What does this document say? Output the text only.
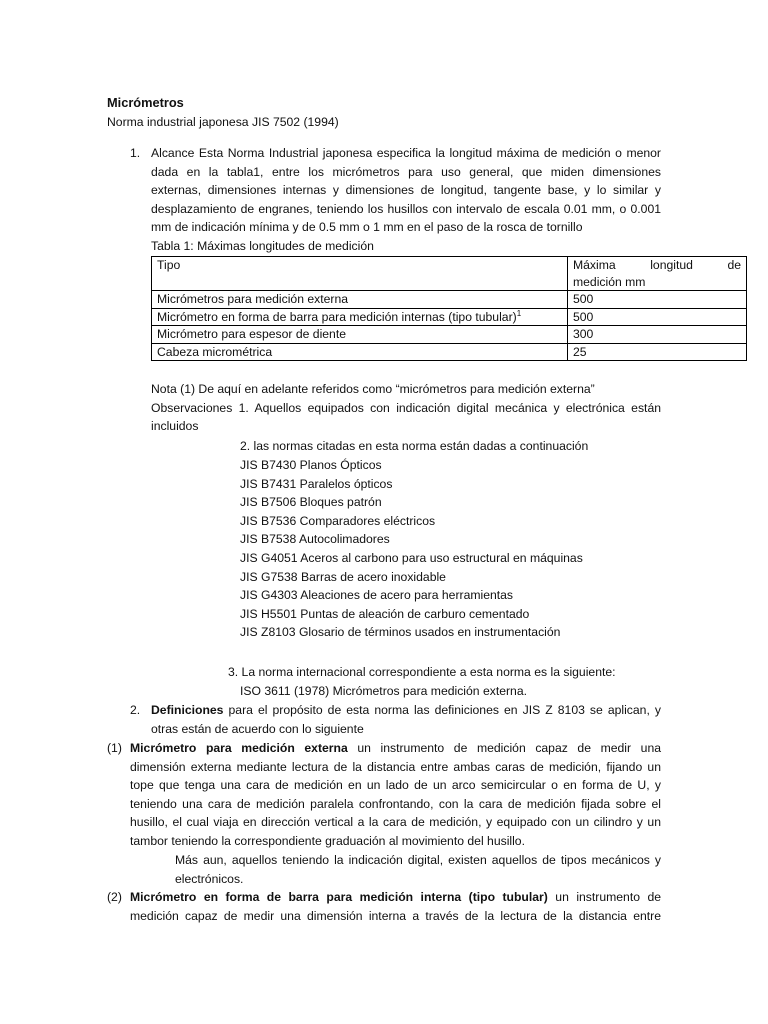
Micrómetros
Norma industrial japonesa JIS 7502 (1994)
1. Alcance Esta Norma Industrial japonesa especifica la longitud máxima de medición o menor
dada en la tabla1, entre los micrómetros para uso general, que miden dimensiones
externas, dimensiones internas y dimensiones de longitud, tangente base, y lo similar y
desplazamiento de engranes, teniendo los husillos con intervalo de escala 0.01 mm, o 0.001
mm de indicación mínima y de 0.5 mm o 1 mm en el paso de la rosca de tornillo
Tabla 1: Máximas longitudes de medición
Tipo	Máxima longitud de
medición mm

Micrómetros para medición externa	500
Micrómetro en forma de barra para medición internas (tipo tubular)$^1$	500
Micrómetro para espesor de diente	300
Cabeza micrométrica	25
Nota (1) De aquí en adelante referidos como “micrómetros para medición externa”
Observaciones 1. Aquellos equipados con indicación digital mecánica y electrónica están
incluidos
2. las normas citadas en esta norma están dadas a continuación
JIS B7430 Planos Ópticos
JIS B7431 Paralelos ópticos
JIS B7506 Bloques patrón
JIS B7536 Comparadores eléctricos
JIS B7538 Autocolimadores
JIS G4051 Aceros al carbono para uso estructural en máquinas
JIS G7538 Barras de acero inoxidable
JIS G4303 Aleaciones de acero para herramientas
JIS H5501 Puntas de aleación de carburo cementado
JIS Z8103 Glosario de términos usados en instrumentación
3. La norma internacional correspondiente a esta norma es la siguiente:
ISO 3611 (1978) Micrómetros para medición externa.
2. Definiciones para el propósito de esta norma las definiciones en JIS Z 8103 se aplican, y
otras están de acuerdo con lo siguiente
(1) Micrómetro para medición externa un instrumento de medición capaz de medir una
dimensión externa mediante lectura de la distancia entre ambas caras de medición, fijando un
tope que tenga una cara de medición en un lado de un arco semicircular o en forma de U, y
teniendo una cara de medición paralela confrontando, con la cara de medición fijada sobre el
husillo, el cual viaja en dirección vertical a la cara de medición, y equipado con un cilindro y un
tambor teniendo la correspondiente graduación al movimiento del husillo.
Más aun, aquellos teniendo la indicación digital, existen aquellos de tipos mecánicos y
electrónicos.
(2) Micrómetro en forma de barra para medición interna (tipo tubular) un instrumento de
medición capaz de medir una dimensión interna a través de la lectura de la distancia entre
